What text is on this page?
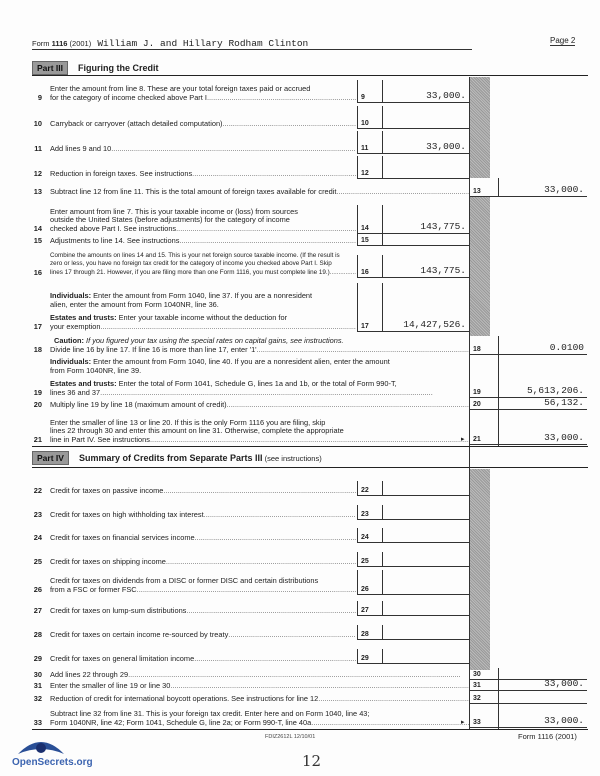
Form 1116 (2001) William J. and Hillary Rodham Clinton	Page 2
Part III Figuring the Credit
Part IV Summary of Credits from Separate Parts III (see instructions)
Caution: If you figured your tax using the special rates on capital gains, see instructions.
9
Enter the amount from line 8. These are your total foreign taxes paid or accrued
for the category of income checked above Part I .....	9	33,000.
10 Carryback or carryover (attach detailed computation) .....	10
11 Add lines 9 and 10 .....	11	33,000.
12 Reduction in foreign taxes. See instructions .....	12
13 Subtract line 12 from line 11. This is the total amount of foreign taxes available for credit .....	13	33,000.
14
Enter amount from line 7. This is your taxable income or (loss) from sources
outside the United States (before adjustments) for the category of income
checked above Part I. See instructions .....	14	143,775.
15 Adjustments to line 14. See instructions .....	15
16
Combine the amounts on lines 14 and 15. This is your net foreign source taxable income. (If the result is
zero or less, you have no foreign tax credit for the category of income you checked above Part I. Skip
lines 17 through 21. However, if you are filing more than one Form 1116, you must complete line 19.) .....	16	143,775.
17
Individuals: Enter the amount from Form 1040, line 37. If you are a nonresident
alien, enter the amount from Form 1040NR, line 36.
Estates and trusts: Enter your taxable income without the deduction for
your exemption .....	17	14,427,526.
18 Divide line 16 by line 17. If line 16 is more than line 17, enter '1' .....	18	0.0100
19
Individuals: Enter the amount from Form 1040, line 40. If you are a nonresident alien, enter the amount
from Form 1040NR, line 39.
Estates and trusts: Enter the total of Form 1041, Schedule G, lines 1a and 1b, or the total of Form 990-T,
lines 36 and 37 .....	19	5,613,206.
20 Multiply line 19 by line 18 (maximum amount of credit) .....	20	56,132.
21
Enter the smaller of line 13 or line 20. If this is the only Form 1116 you are filing, skip
lines 22 through 30 and enter this amount on line 31. Otherwise, complete the appropriate
line in Part IV. See instructions .....	21	33,000.
▸
22 Credit for taxes on passive income .....	22
23 Credit for taxes on high withholding tax interest .....	23
24 Credit for taxes on financial services income .....	24
25 Credit for taxes on shipping income .....	25
26
Credit for taxes on dividends from a DISC or former DISC and certain distributions
from a FSC or former FSC .....	26
27 Credit for taxes on lump-sum distributions .....	27
28 Credit for taxes on certain income re-sourced by treaty .....	28
29 Credit for taxes on general limitation income .....	29
30 Add lines 22 through 29 .....	30
31 Enter the smaller of line 19 or line 30 .....	31	33,000.
32 Reduction of credit for international boycott operations. See instructions for line 12 .....	32
33
Subtract line 32 from line 31. This is your foreign tax credit. Enter here and on Form 1040, line 43;
Form 1040NR, line 42; Form 1041, Schedule G, line 2a; or Form 990-T, line 40a .....	33	33,000.
▸
FDIZ2612L 12/10/01	Form 1116 (2001)
12
OpenSecrets.org
